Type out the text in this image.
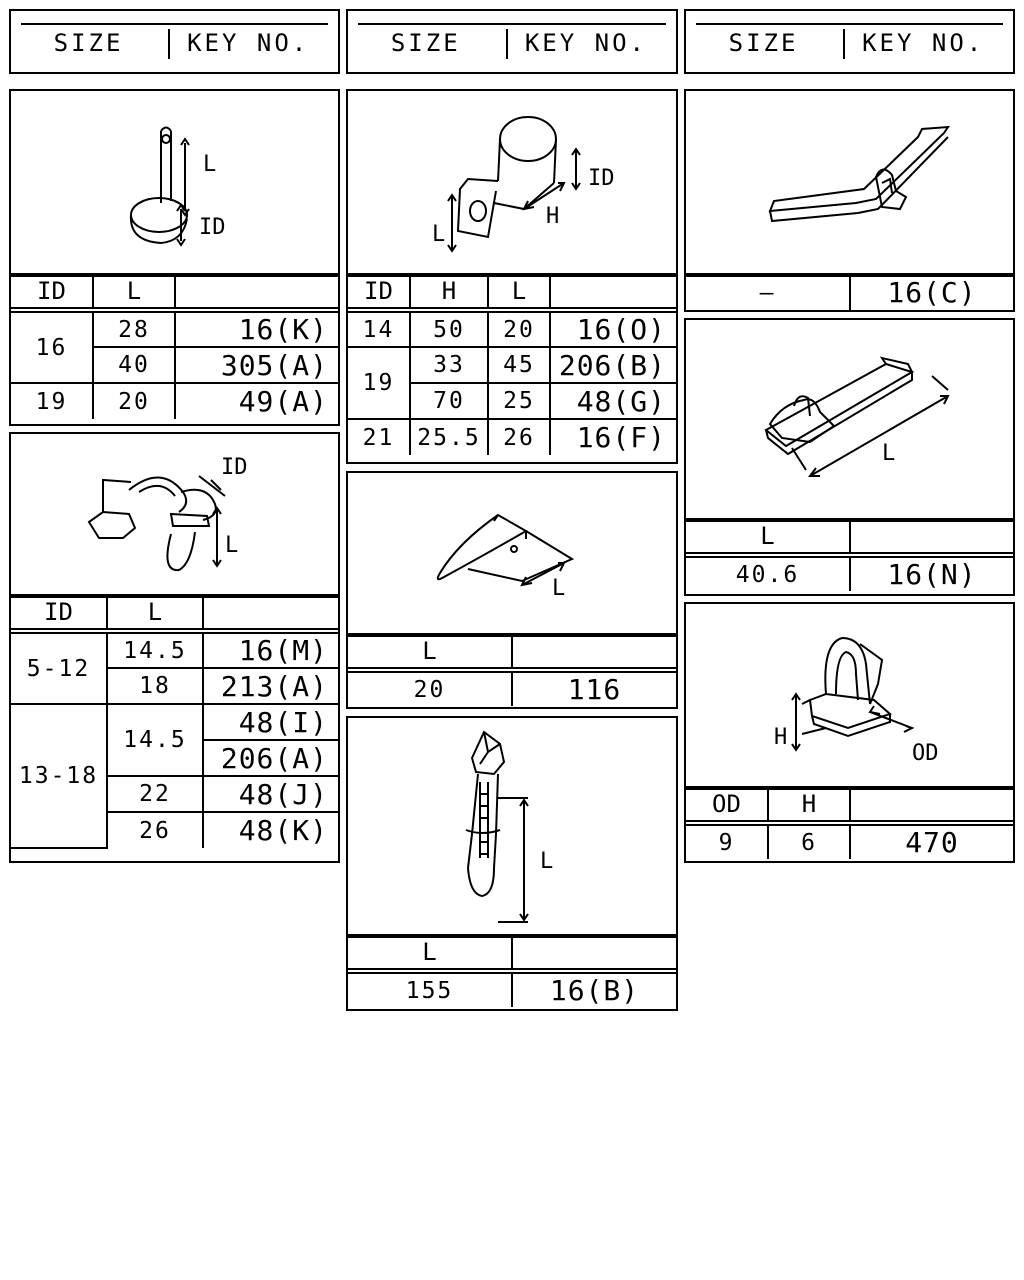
SIZE	KEY NO.	SIZE	KEY NO.	SIZE	KEY NO.
L
ID
ID	L	
16	28	16(K)
	40	305(A)
19	20	49(A)
ID
L
ID	L	
5-12	14.5	16(M)
	18	213(A)
13-18	14.5	48(I)
		206(A)
	22	48(J)
	26	48(K)
L
ID
H
ID	H	L	
14	50	20	16(O)
19	33	45	206(B)
	70	25	48(G)
21	25.5	26	16(F)
L
L	
20	116
L
L	
155	16(B)
—	16(C)
L
L	
40.6	16(N)
H
OD
OD	H	
9	6	470
